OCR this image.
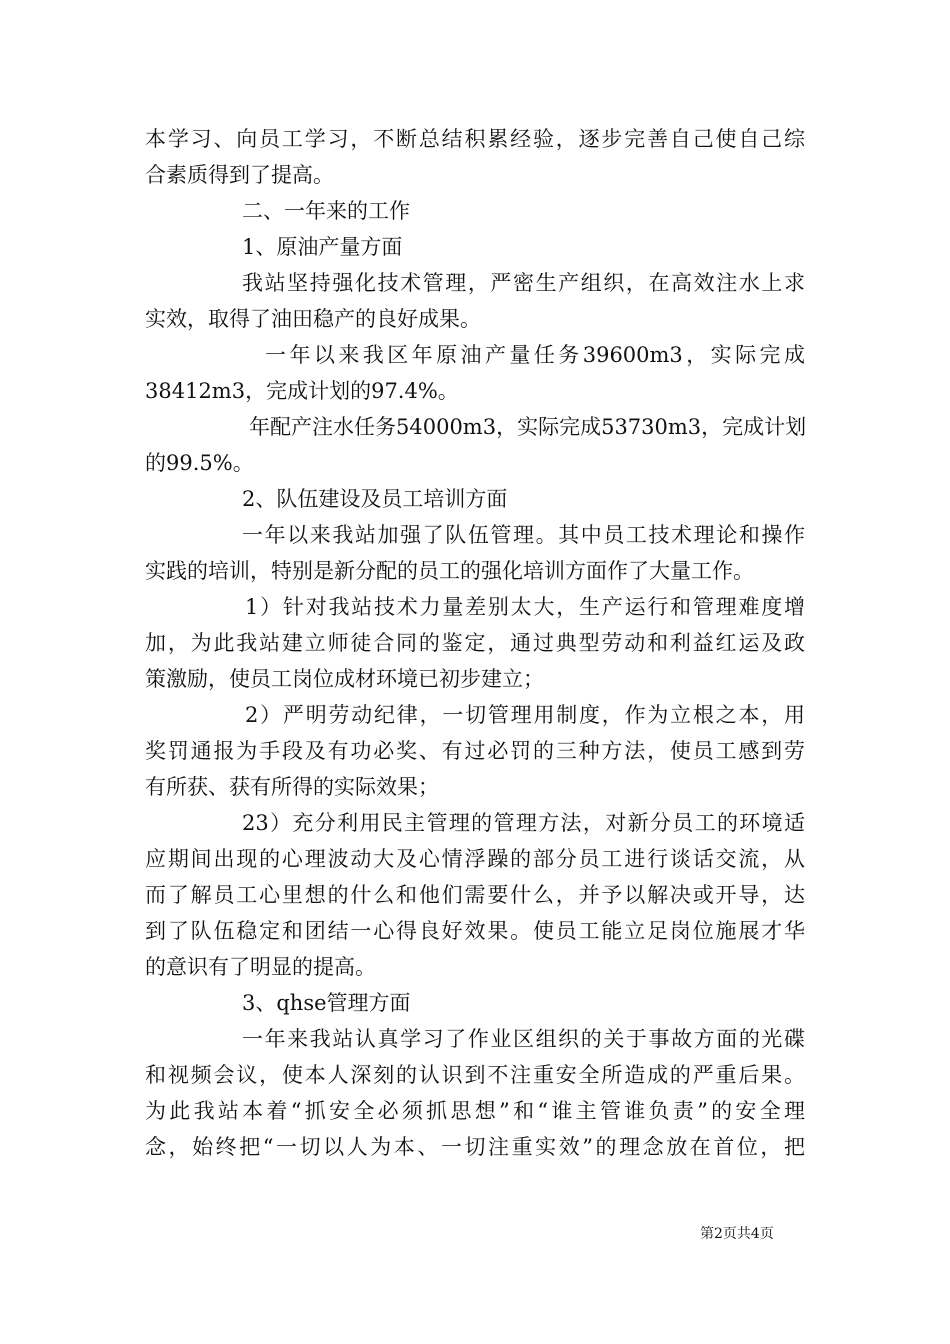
本学习、向员工学习，不断总结积累经验，逐步完善自己使自己综
合素质得到了提高。
二、一年来的工作
1、原油产量方面
我站坚持强化技术管理，严密生产组织，在高效注水上求
实效，取得了油田稳产的良好成果。
一年以来我区年原油产量任务39600m3，实际完成
38412m3，完成计划的97.4%。
年配产注水任务54000m3，实际完成53730m3，完成计划
的99.5%。
2、队伍建设及员工培训方面
一年以来我站加强了队伍管理。其中员工技术理论和操作
实践的培训，特别是新分配的员工的强化培训方面作了大量工作。
1）针对我站技术力量差别太大，生产运行和管理难度增
加，为此我站建立师徒合同的鉴定，通过典型劳动和利益红运及政
策激励，使员工岗位成材环境已初步建立；
2）严明劳动纪律，一切管理用制度，作为立根之本，用
奖罚通报为手段及有功必奖、有过必罚的三种方法，使员工感到劳
有所获、获有所得的实际效果；
23）充分利用民主管理的管理方法，对新分员工的环境适
应期间出现的心理波动大及心情浮躁的部分员工进行谈话交流，从
而了解员工心里想的什么和他们需要什么，并予以解决或开导，达
到了队伍稳定和团结一心得良好效果。使员工能立足岗位施展才华
的意识有了明显的提高。
3、qhse管理方面
一年来我站认真学习了作业区组织的关于事故方面的光碟
和视频会议，使本人深刻的认识到不注重安全所造成的严重后果。
为此我站本着“抓安全必须抓思想”和“谁主管谁负责”的安全理
念，始终把“一切以人为本、一切注重实效”的理念放在首位，把
第2页共4页
